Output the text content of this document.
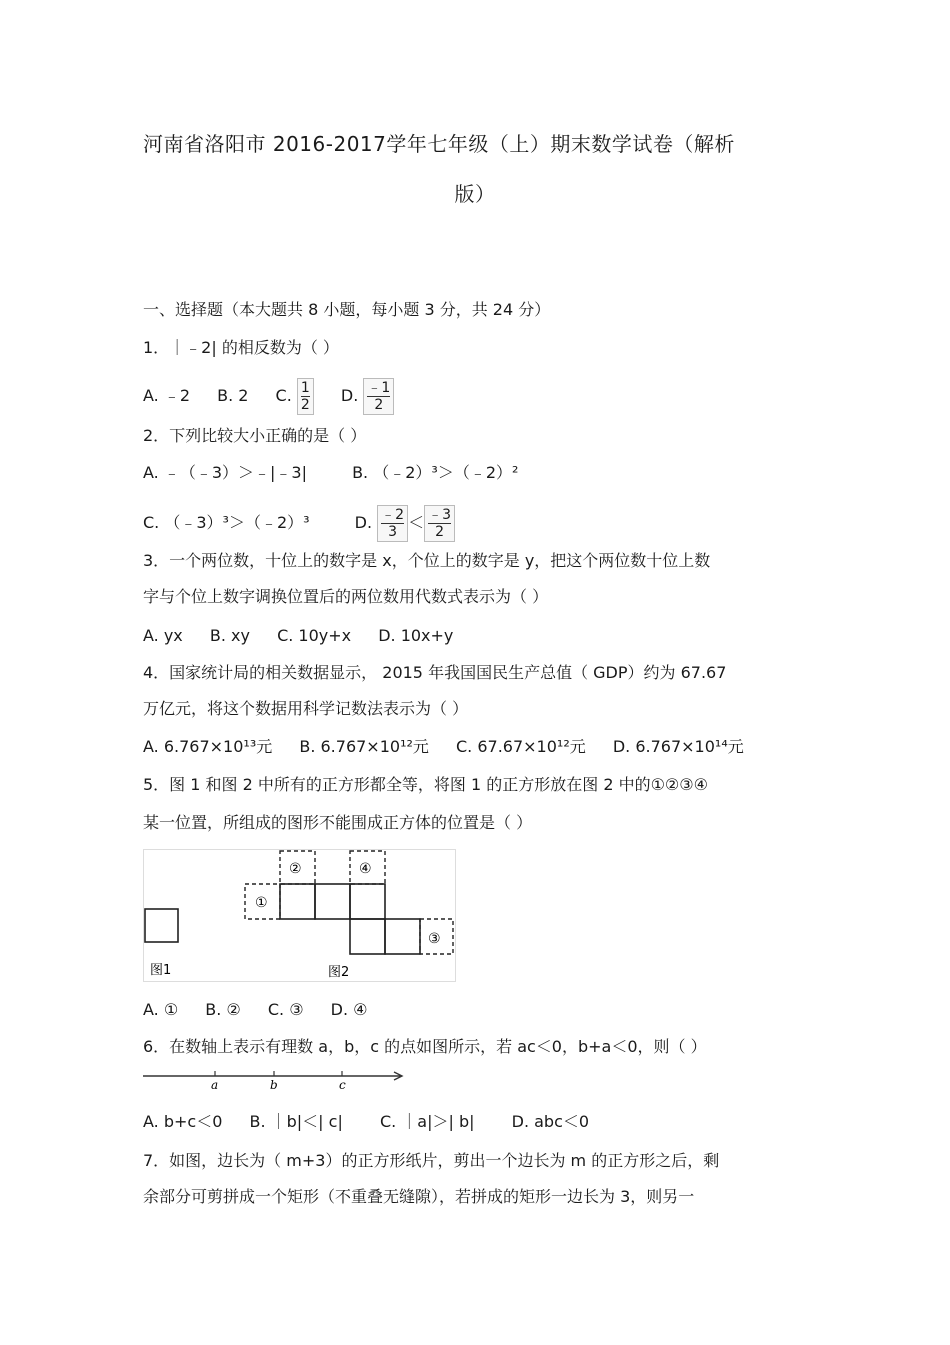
河南省洛阳市 2016-2017学年七年级（上）期末数学试卷（解析
版）
一、选择题（本大题共 8 小题，每小题 3 分，共 24 分）
1．｜﹣2| 的相反数为（ ）
A. ﹣2 B. 2 C. $\frac{1}{2} D$. $\frac{﹣1}{2}$
2．下列比较大小正确的是（ ）
A. ﹣（﹣3）＞﹣|﹣3|	B. （﹣2）³＞（﹣2）²
C. （﹣3）³＞（﹣2）³	D. $\frac{﹣2}{3} < \frac{﹣3}{2}$
3．一个两位数，十位上的数字是 x，个位上的数字是 y，把这个两位数十位上数
字与个位上数字调换位置后的两位数用代数式表示为（ ）
A. yx B. xy C. 10y+x D. 10x+y
4．国家统计局的相关数据显示， 2015 年我国国民生产总值（ GDP）约为 67.67
万亿元，将这个数据用科学记数法表示为（ ）
A. 6.767×10¹³元 B. 6.767×10¹²元 C. 67.67×10¹²元 D. 6.767×10¹⁴元
5．图 1 和图 2 中所有的正方形都全等，将图 1 的正方形放在图 2 中的①②③④
某一位置，所组成的图形不能围成正方体的位置是（ ）
图1
①
②	④
③
图2
A. ① B. ② C. ③ D. ④
6．在数轴上表示有理数 a，b，c 的点如图所示，若 ac＜0，b+a＜0，则（ ）
a	b	c
A. b+c＜0 B. ｜b|＜| c| C. ｜a|＞| b| D. abc＜0
7．如图，边长为（ m+3）的正方形纸片，剪出一个边长为 m 的正方形之后，剩
余部分可剪拼成一个矩形（不重叠无缝隙），若拼成的矩形一边长为 3，则另一
